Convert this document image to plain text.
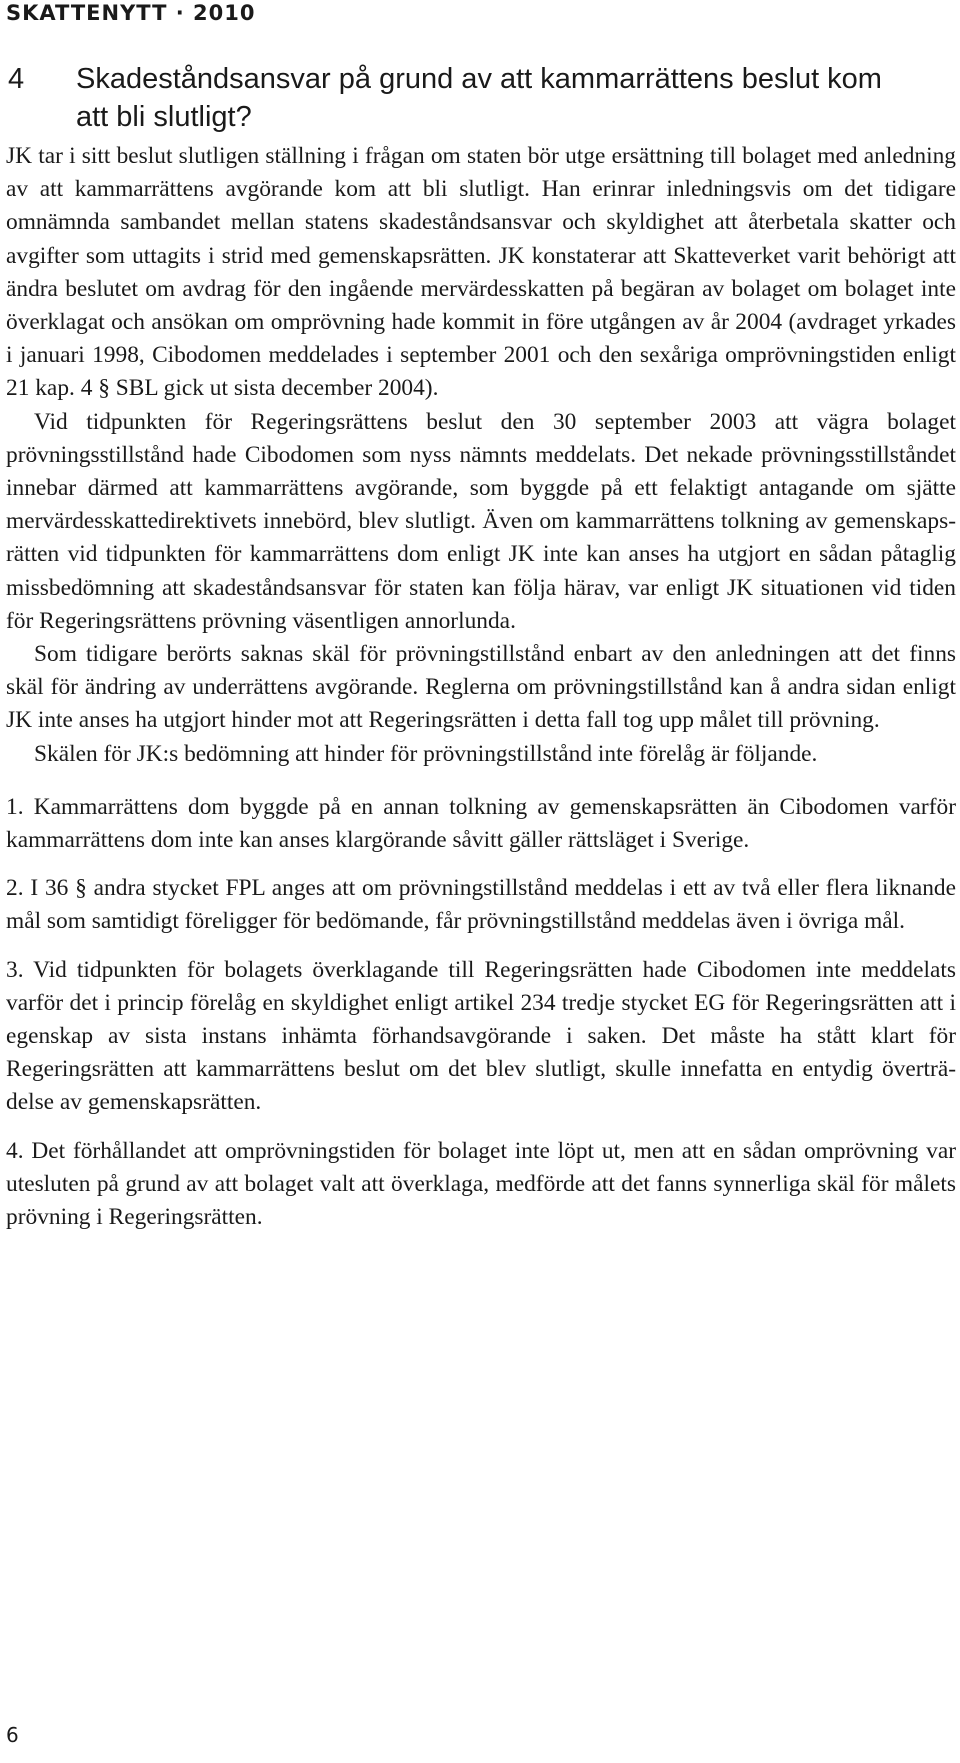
SKATTENYTT · 2010
4	Skadeståndsansvar på grund av att kammarrättens beslut kom att bli slutligt?

JK tar i sitt beslut slutligen ställning i frågan om staten bör utge ersättning till bolaget med anledning av att kammarrättens avgörande kom att bli slutligt. Han erinrar inledningsvis om det tidigare omnämnda sambandet mellan statens skadeståndsansvar och skyldighet att återbetala skatter och avgifter som uttagits i strid med gemenskapsrätten. JK konstaterar att Skatteverket varit behörigt att ändra beslutet om avdrag för den ingående mervärdesskatten på begäran av bolaget om bolaget inte överklagat och ansökan om omprövning hade kommit in före utgången av år 2004 (avdraget yrkades i januari 1998, Cibodomen meddelades i september 2001 och den sexåriga omprövningstiden enligt 21 kap. 4 § SBL gick ut sista december 2004).

Vid tidpunkten för Regeringsrättens beslut den 30 september 2003 att vägra bolaget prövningsstillstånd hade Cibodomen som nyss nämnts meddelats. Det nekade prövningsstillståndet innebar därmed att kammarrättens avgörande, som byggde på ett felaktigt antagande om sjätte mervärdesskattedirektivets innebörd, blev slutligt. Även om kammarrättens tolkning av gemenskapsrätten vid tidpunkten för kammarrättens dom enligt JK inte kan anses ha utgjort en sådan påtaglig missbedömning att skadeståndsansvar för staten kan följa härav, var enligt JK situationen vid tiden för Regeringsrättens prövning väsentligen annorlunda.

Som tidigare berörts saknas skäl för prövningstillstånd enbart av den anledningen att det finns skäl för ändring av underrättens avgörande. Reglerna om prövningstillstånd kan å andra sidan enligt JK inte anses ha utgjort hinder mot att Regeringsrätten i detta fall tog upp målet till prövning.

Skälen för JK:s bedömning att hinder för prövningstillstånd inte förelåg är följande.

1. Kammarrättens dom byggde på en annan tolkning av gemenskapsrätten än Cibodomen varför kammarrättens dom inte kan anses klargörande såvitt gäller rättsläget i Sverige.
2. I 36 § andra stycket FPL anges att om prövningstillstånd meddelas i ett av två eller flera liknande mål som samtidigt föreligger för bedömande, får prövningstillstånd meddelas även i övriga mål.
3. Vid tidpunkten för bolagets överklagande till Regeringsrätten hade Cibodomen inte meddelats varför det i princip förelåg en skyldighet enligt artikel 234 tredje stycket EG för Regeringsrätten att i egenskap av sista instans inhämta förhandsavgörande i saken. Det måste ha stått klart för Regeringsrätten att kammarrättens beslut om det blev slutligt, skulle innefatta en entydig överträdelse av gemenskapsrätten.
4. Det förhållandet att omprövningstiden för bolaget inte löpt ut, men att en sådan omprövning var utesluten på grund av att bolaget valt att överklaga, medförde att det fanns synnerliga skäl för målets prövning i Regeringsrätten.
6
